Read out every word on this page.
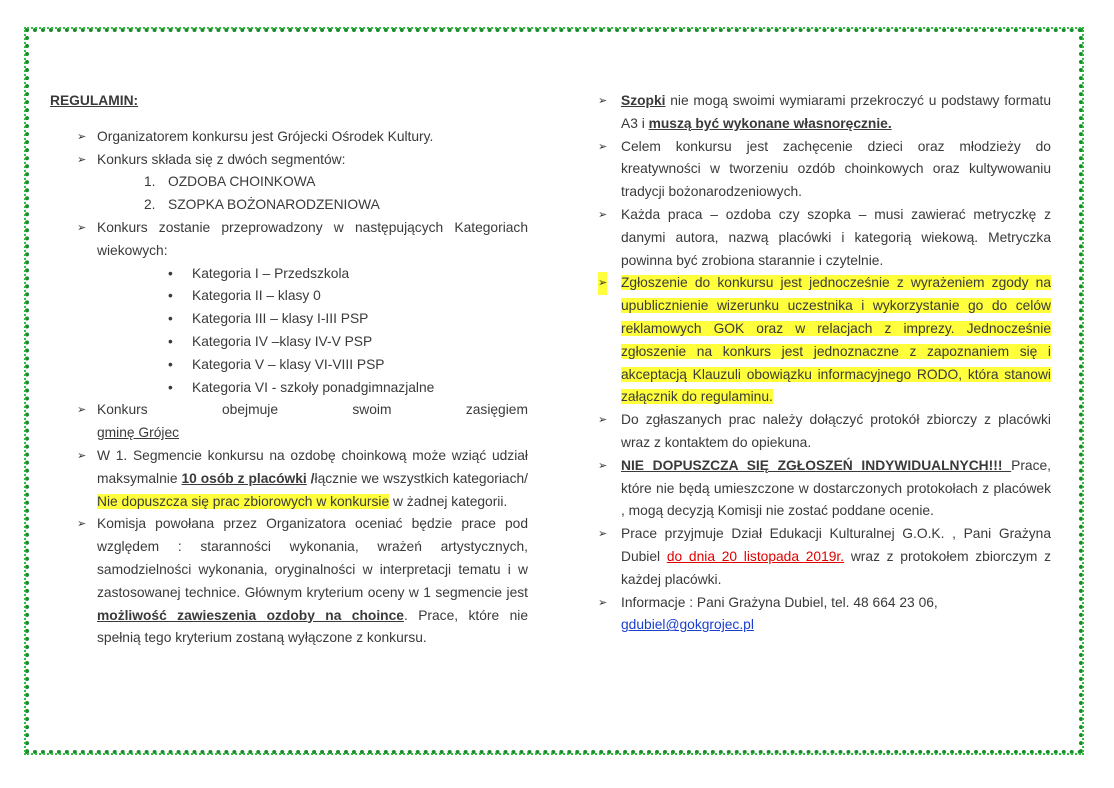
REGULAMIN:

➢ Organizatorem konkursu jest Grójecki Ośrodek Kultury.

➢ Konkurs składa się z dwóch segmentów:

1. OZDOBA CHOINKOWA

2. SZOPKA BOŻONARODZENIOWA

➢ Konkurs zostanie przeprowadzony w następujących Kategoriach wiekowych:

• Kategoria I – Przedszkola

• Kategoria II – klasy 0

• Kategoria III – klasy I-III PSP

• Kategoria IV –klasy IV-V PSP

• Kategoria V – klasy VI-VIII PSP

• Kategoria VI - szkoły ponadgimnazjalne

➢ Konkurs	obejmuje	swoim	zasięgiem
gminę Grójec

➢ W 1. Segmencie konkursu na ozdobę choinkową może wziąć udział maksymalnie 10 osób z placówki /łącznie we wszystkich kategoriach/ Nie dopuszcza się prac zbiorowych w konkursie w żadnej kategorii.

➢ Komisja powołana przez Organizatora oceniać będzie prace pod względem : staranności wykonania, wrażeń artystycznych, samodzielności wykonania, oryginalności w interpretacji tematu i w zastosowanej technice. Głównym kryterium oceny w 1 segmencie jest możliwość zawieszenia ozdoby na choince. Prace, które nie spełnią tego kryterium zostaną wyłączone z konkursu.

➢ Szopki nie mogą swoimi wymiarami przekroczyć u podstawy formatu A3 i muszą być wykonane własnoręcznie.

➢ Celem konkursu jest zachęcenie dzieci oraz młodzieży do kreatywności w tworzeniu ozdób choinkowych oraz kultywowaniu tradycji bożonarodzeniowych.

➢ Każda praca – ozdoba czy szopka – musi zawierać metryczkę z danymi autora, nazwą placówki i kategorią wiekową. Metryczka powinna być zrobiona starannie i czytelnie.

➢ Zgłoszenie do konkursu jest jednocześnie z wyrażeniem zgody na upublicznienie wizerunku uczestnika i wykorzystanie go do celów reklamowych GOK oraz w relacjach z imprezy. Jednocześnie zgłoszenie na konkurs jest jednoznaczne z zapoznaniem się i akceptacją Klauzuli obowiązku informacyjnego RODO, która stanowi załącznik do regulaminu.

➢ Do zgłaszanych prac należy dołączyć protokół zbiorczy z placówki wraz z kontaktem do opiekuna.

➢ NIE DOPUSZCZA SIĘ ZGŁOSZEŃ INDYWIDUALNYCH!!! Prace, które nie będą umieszczone w dostarczonych protokołach z placówek , mogą decyzją Komisji nie zostać poddane ocenie.

➢ Prace przyjmuje Dział Edukacji Kulturalnej G.O.K. , Pani Grażyna Dubiel do dnia 20 listopada 2019r. wraz z protokołem zbiorczym z każdej placówki.

➢ Informacje : Pani Grażyna Dubiel, tel. 48 664 23 06,
gdubiel@gokgrojec.pl
